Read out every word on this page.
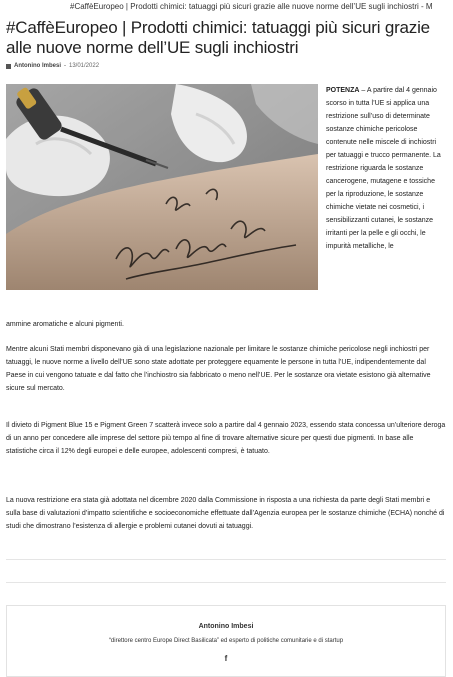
#CaffèEuropeo | Prodotti chimici: tatuaggi più sicuri grazie alle nuove norme dell’UE sugli inchiostri - M
#CaffèEuropeo | Prodotti chimici: tatuaggi più sicuri grazie alle nuove norme dell’UE sugli inchiostri
Antonino Imbesi - 13/01/2022
POTENZA – A partire dal 4 gennaio scorso in tutta l’UE si applica una restrizione sull’uso di determinate sostanze chimiche pericolose contenute nelle miscele di inchiostri per tatuaggi e trucco permanente. La restrizione riguarda le sostanze cancerogene, mutagene e tossiche per la riproduzione, le sostanze chimiche vietate nei cosmetici, i sensibilizzanti cutanei, le sostanze irritanti per la pelle e gli occhi, le impurità metalliche, le
ammine aromatiche e alcuni pigmenti.

Mentre alcuni Stati membri disponevano già di una legislazione nazionale per limitare le sostanze chimiche pericolose negli inchiostri per tatuaggi, le nuove norme a livello dell’UE sono state adottate per proteggere equamente le persone in tutta l’UE, indipendentemente dal Paese in cui vengono tatuate e dal fatto che l’inchiostro sia fabbricato o meno nell’UE. Per le sostanze ora vietate esistono già alternative sicure sul mercato.

Il divieto di Pigment Blue 15 e Pigment Green 7 scatterà invece solo a partire dal 4 gennaio 2023, essendo stata concessa un’ulteriore deroga di un anno per concedere alle imprese del settore più tempo al fine di trovare alternative sicure per questi due pigmenti. In base alle statistiche circa il 12% degli europei e delle europee, adolescenti compresi, è tatuato.

La nuova restrizione era stata già adottata nel dicembre 2020 dalla Commissione in risposta a una richiesta da parte degli Stati membri e sulla base di valutazioni d’impatto scientifiche e socioeconomiche effettuate dall’Agenzia europea per le sostanze chimiche (ECHA) nonché di studi che dimostrano l’esistenza di allergie e problemi cutanei dovuti ai tatuaggi.

Antonino Imbesi
“direttore centro Europe Direct Basilicata” ed esperto di politiche comunitarie e di startup
f
